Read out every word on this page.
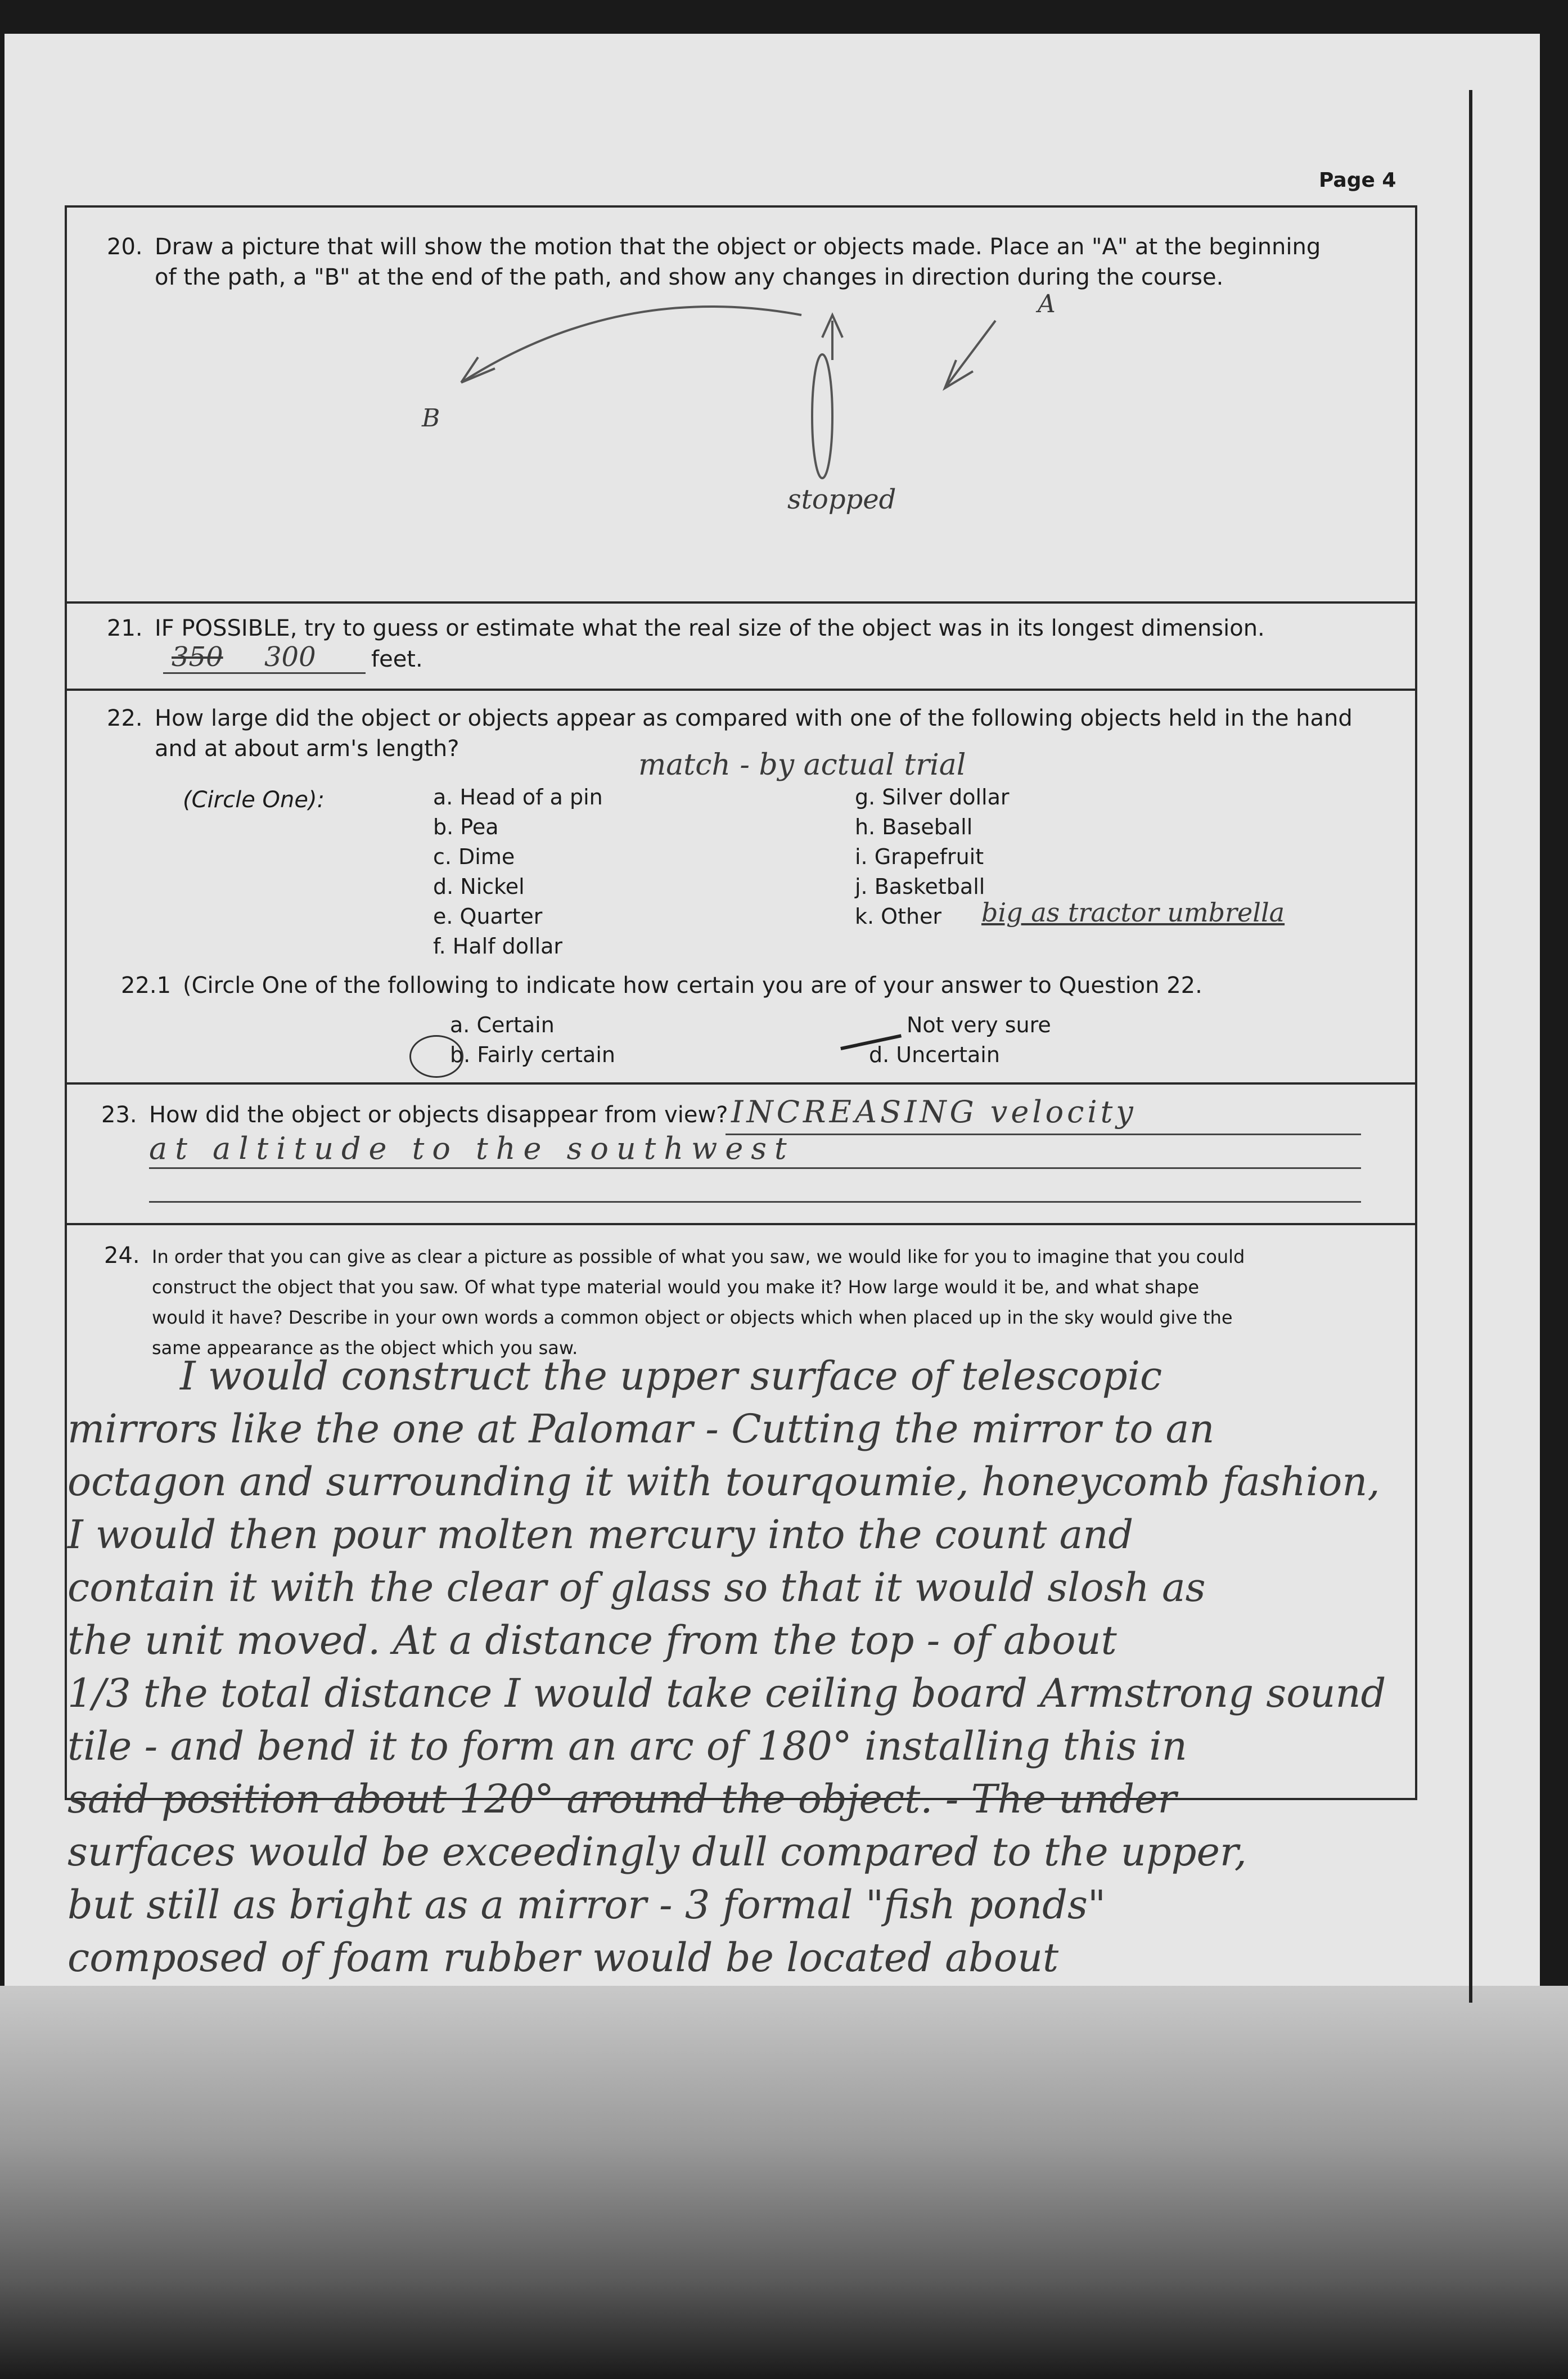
Page 4
20. Draw a picture that will show the motion that the object or objects made. Place an "A" at the beginning
of the path, a "B" at the end of the path, and show any changes in direction during the course.
A
B
stopped
21. IF POSSIBLE, try to guess or estimate what the real size of the object was in its longest dimension.
350 300 feet.
22. How large did the object or objects appear as compared with one of the following objects held in the hand
and at about arm's length?
(Circle One):
match - by actual trial
a. Head of a pin
b. Pea
c. Dime
d. Nickel
e. Quarter
f. Half dollar
g. Silver dollar
h. Baseball
i. Grapefruit
j. Basketball
k. Other big as tractor umbrella
22.1 (Circle One of the following to indicate how certain you are of your answer to Question 22.
a. Certain
b. Fairly certain
Not very sure
d. Uncertain
23. How did the object or objects disappear from view? INCREASING velocity
at altitude to the southwest
24. In order that you can give as clear a picture as possible of what you saw, we would like for you to imagine that you could
construct the object that you saw. Of what type material would you make it? How large would it be, and what shape
would it have? Describe in your own words a common object or objects which when placed up in the sky would give the
same appearance as the object which you saw.
I would construct the upper surface of telescopic
mirrors like the one at Palomar - Cutting the mirror to an
octagon and surrounding it with tourqoumie, honeycomb fashion,
I would then pour molten mercury into the count and
contain it with the clear of glass so that it would slosh as
the unit moved. At a distance from the top - of about
1/3 the total distance I would take ceiling board Armstrong sound
tile - and bend it to form an arc of 180° installing this in
said position about 120° around the object. - The under
surfaces would be exceedingly dull compared to the upper,
but still as bright as a mirror - 3 formal "fish ponds"
composed of foam rubber would be located about
